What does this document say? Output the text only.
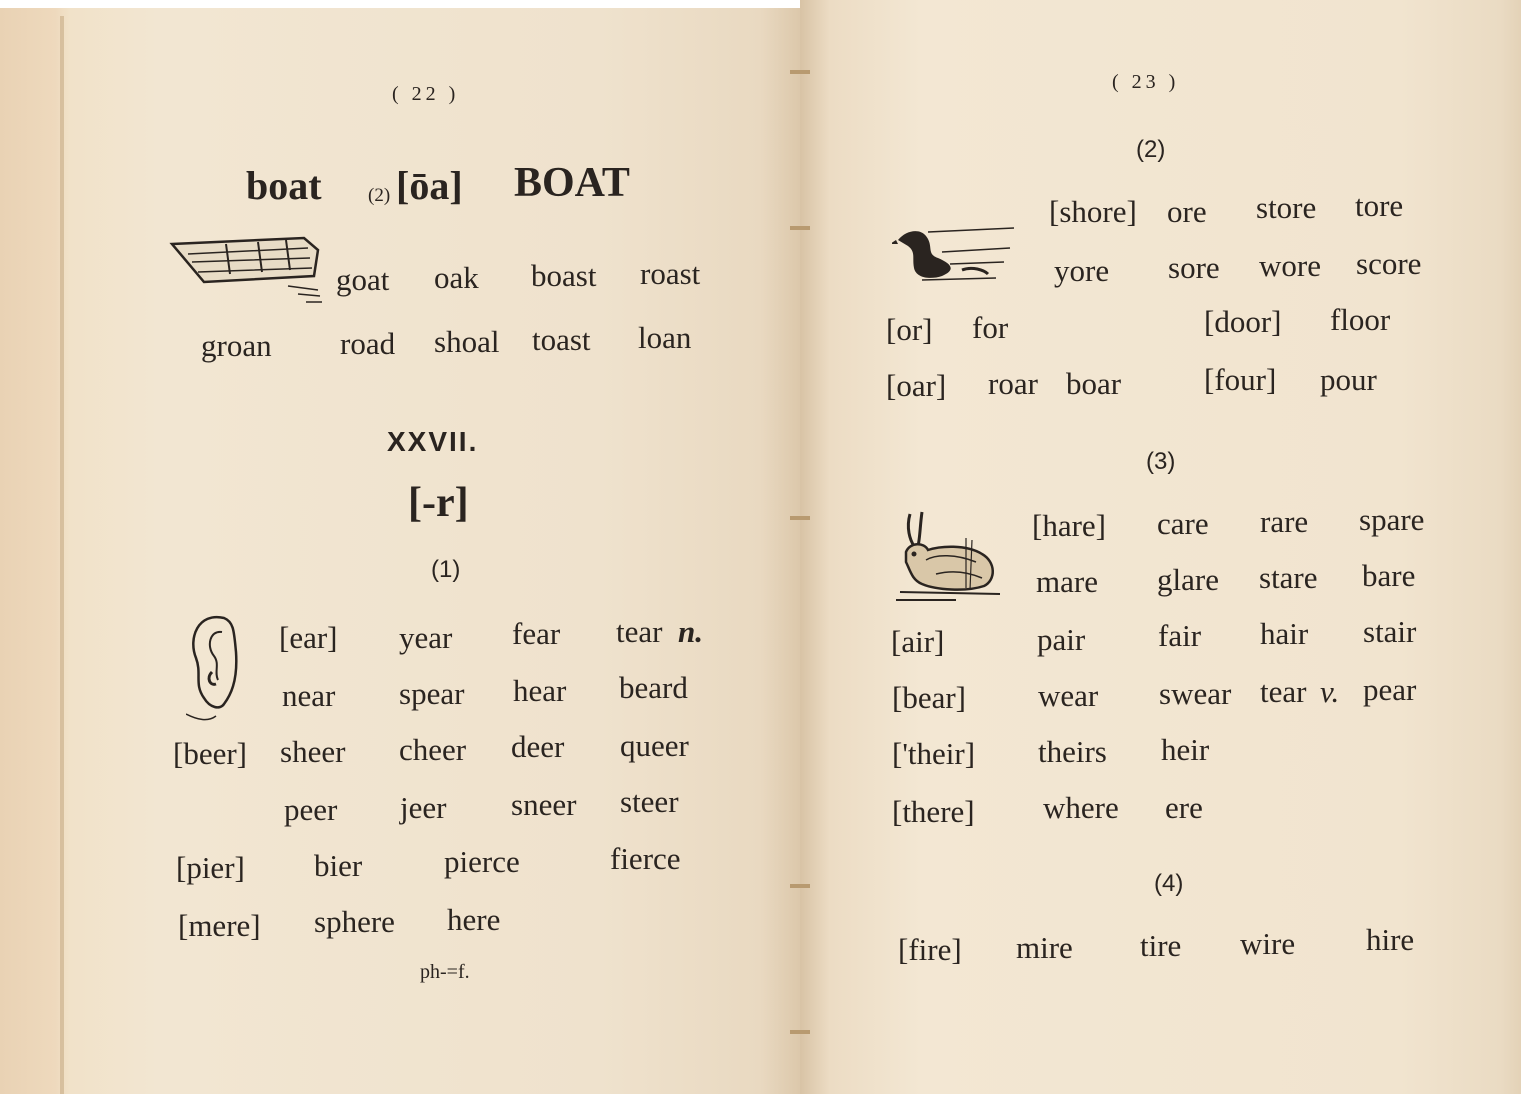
( 22 )
boat (2) [ōa] BOAT
goat oak boast roast
groan road shoal toast loan
XXVII.
[-r]
(1)
[ear] year fear tear n.
near spear hear beard
[beer] sheer cheer deer queer
peer jeer sneer steer
[pier] bier	pierce	fierce
[mere] sphere here
ph-=f.
( 23 )
(2)
[shore] ore store tore
yore sore wore score
[or] for	[door] floor
[oar] roar boar	[four] pour
(3)
[hare] care rare spare
mare glare stare bare
[air]	pair fair hair stair
[bear] wear swear tear v. pear
['their] theirs heir
[there] where ere
(4)
[fire] mire tire wire hire
